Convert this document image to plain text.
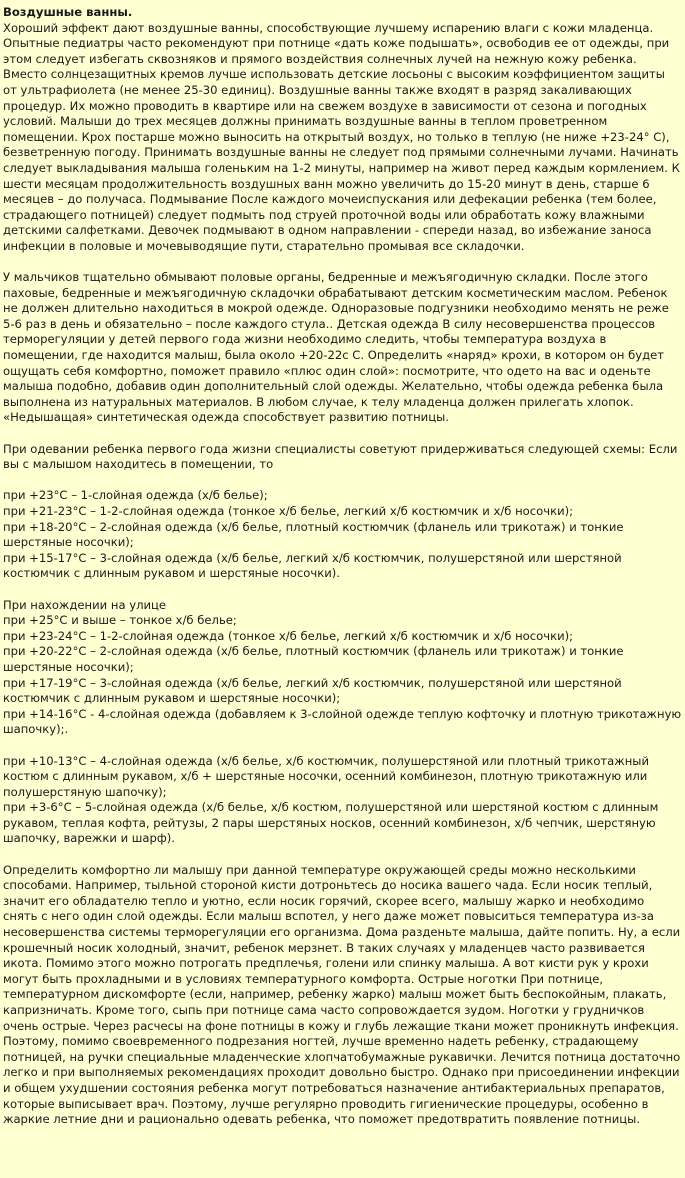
Воздушные ванны.

Хороший эффект дают воздушные ванны, способствующие лучшему испарению влаги с кожи младенца. Опытные педиатры часто рекомендуют при потнице «дать коже подышать», освободив ее от одежды, при этом следует избегать сквозняков и прямого воздействия солнечных лучей на нежную кожу ребенка. Вместо солнцезащитных кремов лучше использовать детские лосьоны с высоким коэффициентом защиты от ультрафиолета (не менее 25-30 единиц). Воздушные ванны также входят в разряд закаливающих процедур. Их можно проводить в квартире или на свежем воздухе в зависимости от сезона и погодных условий. Малыши до трех месяцев должны принимать воздушные ванны в теплом проветренном помещении. Крох постарше можно выносить на открытый воздух, но только в теплую (не ниже +23-24° С), безветренную погоду. Принимать воздушные ванны не следует под прямыми солнечными лучами. Начинать следует выкладывания малыша голеньким на 1-2 минуты, например на живот перед каждым кормлением. К шести месяцам продолжительность воздушных ванн можно увеличить до 15-20 минут в день, старше 6 месяцев – до получаса. Подмывание После каждого мочеиспускания или дефекации ребенка (тем более, страдающего потницей) следует подмыть под струей проточной воды или обработать кожу влажными детскими салфетками. Девочек подмывают в одном направлении - спереди назад, во избежание заноса инфекции в половые и мочевыводящие пути, старательно промывая все складочки.

У мальчиков тщательно обмывают половые органы, бедренные и межъягодичную складки. После этого паховые, бедренные и межъягодичную складочки обрабатывают детским косметическим маслом. Ребенок не должен длительно находиться в мокрой одежде. Одноразовые подгузники необходимо менять не реже 5-6 раз в день и обязательно – после каждого стула.. Детская одежда В силу несовершенства процессов терморегуляции у детей первого года жизни необходимо следить, чтобы температура воздуха в помещении, где находится малыш, была около +20-22с С. Определить «наряд» крохи, в котором он будет ощущать себя комфортно, поможет правило «плюс один слой»: посмотрите, что одето на вас и оденьте малыша подобно, добавив один дополнительный слой одежды. Желательно, чтобы одежда ребенка была выполнена из натуральных материалов. В любом случае, к телу младенца должен прилегать хлопок. «Недышащая» синтетическая одежда способствует развитию потницы.

При одевании ребенка первого года жизни специалисты советуют придерживаться следующей схемы: Если вы с малышом находитесь в помещении, то

при +23°С – 1-слойная одежда (х/б белье);

при +21-23°С – 1-2-слойная одежда (тонкое х/б белье, легкий х/б костюмчик и х/б носочки);

при +18-20°С – 2-слойная одежда (х/б белье, плотный костюмчик (фланель или трикотаж) и тонкие шерстяные носочки);

при +15-17°С – 3-слойная одежда (х/б белье, легкий х/б костюмчик, полушерстяной или шерстяной костюмчик с длинным рукавом и шерстяные носочки).

При нахождении на улице

при +25°С и выше – тонкое х/б белье;

при +23-24°С – 1-2-слойная одежда (тонкое х/б белье, легкий х/б костюмчик и х/б носочки);

при +20-22°С – 2-слойная одежда (х/б белье, плотный костюмчик (фланель или трикотаж) и тонкие шерстяные носочки);

при +17-19°С – 3-слойная одежда (х/б белье, легкий х/б костюмчик, полушерстяной или шерстяной костюмчик с длинным рукавом и шерстяные носочки);

при +14-16°С - 4-слойная одежда (добавляем к 3-слойной одежде теплую кофточку и плотную трикотажную шапочку);.

при +10-13°С – 4-слойная одежда (х/б белье, х/б костюмчик, полушерстяной или плотный трикотажный костюм с длинным рукавом, х/б + шерстяные носочки, осенний комбинезон, плотную трикотажную или полушерстяную шапочку);

при +3-6°С – 5-слойная одежда (х/б белье, х/б костюм, полушерстяной или шерстяной костюм с длинным рукавом, теплая кофта, рейтузы, 2 пары шерстяных носков, осенний комбинезон, х/б чепчик, шерстяную шапочку, варежки и шарф).

Определить комфортно ли малышу при данной температуре окружающей среды можно несколькими способами. Например, тыльной стороной кисти дотроньтесь до носика вашего чада. Если носик теплый, значит его обладателю тепло и уютно, если носик горячий, скорее всего, малышу жарко и необходимо снять с него один слой одежды. Если малыш вспотел, у него даже может повыситься температура из-за несовершенства системы терморегуляции его организма. Дома разденьте малыша, дайте попить. Ну, а если крошечный носик холодный, значит, ребенок мерзнет. В таких случаях у младенцев часто развивается икота. Помимо этого можно потрогать предплечья, голени или спинку малыша. А вот кисти рук у крохи могут быть прохладными и в условиях температурного комфорта. Острые ноготки При потнице, температурном дискомфорте (если, например, ребенку жарко) малыш может быть беспокойным, плакать, капризничать. Кроме того, сыпь при потнице сама часто сопровождается зудом. Ноготки у грудничков очень острые. Через расчесы на фоне потницы в кожу и глубь лежащие ткани может проникнуть инфекция. Поэтому, помимо своевременного подрезания ногтей, лучше временно надеть ребенку, страдающему потницей, на ручки специальные младенческие хлопчатобумажные рукавички. Лечится потница достаточно легко и при выполняемых рекомендациях проходит довольно быстро. Однако при присоединении инфекции и общем ухудшении состояния ребенка могут потребоваться назначение антибактериальных препаратов, которые выписывает врач. Поэтому, лучше регулярно проводить гигиенические процедуры, особенно в жаркие летние дни и рационально одевать ребенка, что поможет предотвратить появление потницы.
